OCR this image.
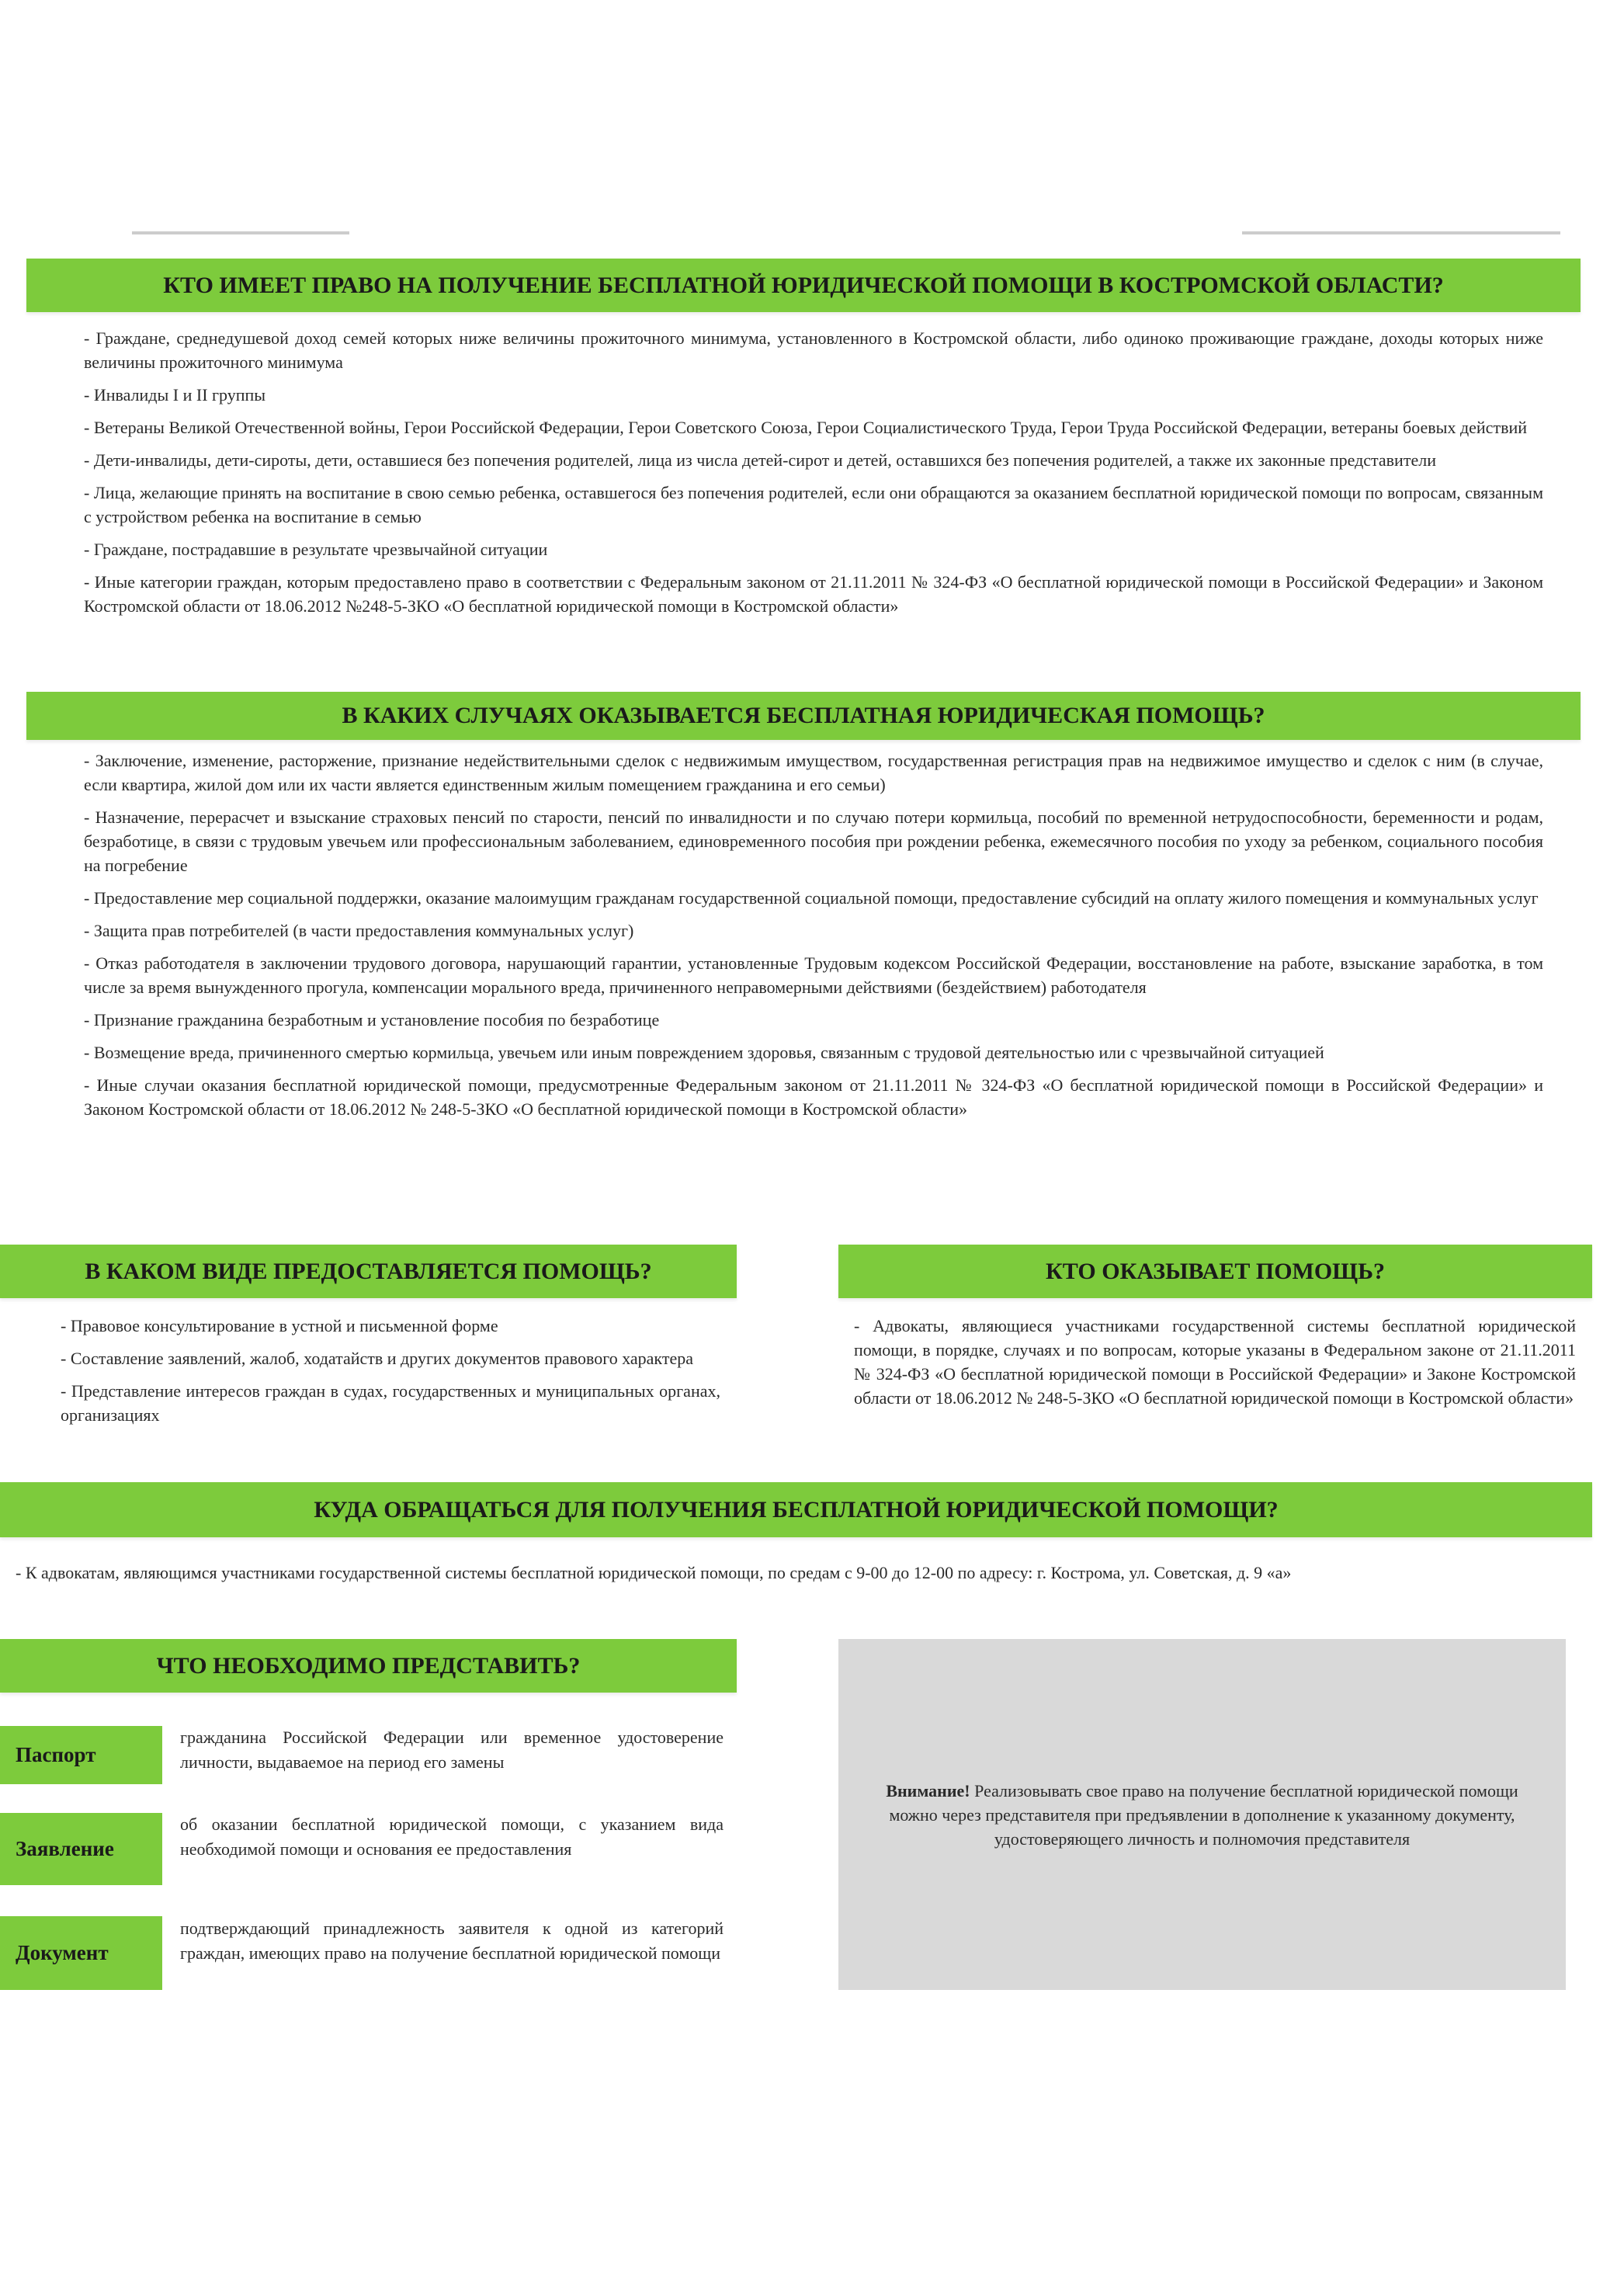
КТО ИМЕЕТ ПРАВО НА ПОЛУЧЕНИЕ БЕСПЛАТНОЙ ЮРИДИЧЕСКОЙ ПОМОЩИ В КОСТРОМСКОЙ ОБЛАСТИ?

- Граждане, среднедушевой доход семей которых ниже величины прожиточного минимума, установленного в Костромской области, либо одиноко проживающие граждане, доходы которых ниже величины прожиточного минимума

- Инвалиды I и II группы

- Ветераны Великой Отечественной войны, Герои Российской Федерации, Герои Советского Союза, Герои Социалистического Труда, Герои Труда Российской Федерации, ветераны боевых действий

- Дети-инвалиды, дети-сироты, дети, оставшиеся без попечения родителей, лица из числа детей-сирот и детей, оставшихся без попечения родителей, а также их законные представители

- Лица, желающие принять на воспитание в свою семью ребенка, оставшегося без попечения родителей, если они обращаются за оказанием бесплатной юридической помощи по вопросам, связанным с устройством ребенка на воспитание в семью

- Граждане, пострадавшие в результате чрезвычайной ситуации

- Иные категории граждан, которым предоставлено право в соответствии с Федеральным законом от 21.11.2011 № 324-ФЗ «О бесплатной юридической помощи в Российской Федерации» и Законом Костромской области от 18.06.2012 №248-5-ЗКО «О бесплатной юридической помощи в Костромской области»

В КАКИХ СЛУЧАЯХ ОКАЗЫВАЕТСЯ БЕСПЛАТНАЯ ЮРИДИЧЕСКАЯ ПОМОЩЬ?

- Заключение, изменение, расторжение, признание недействительными сделок с недвижимым имуществом, государственная регистрация прав на недвижимое имущество и сделок с ним (в случае, если квартира, жилой дом или их части является единственным жилым помещением гражданина и его семьи)

- Назначение, перерасчет и взыскание страховых пенсий по старости, пенсий по инвалидности и по случаю потери кормильца, пособий по временной нетрудоспособности, беременности и родам, безработице, в связи с трудовым увечьем или профессиональным заболеванием, единовременного пособия при рождении ребенка, ежемесячного пособия по уходу за ребенком, социального пособия на погребение

- Предоставление мер социальной поддержки, оказание малоимущим гражданам государственной социальной помощи, предоставление субсидий на оплату жилого помещения и коммунальных услуг

- Защита прав потребителей (в части предоставления коммунальных услуг)

- Отказ работодателя в заключении трудового договора, нарушающий гарантии, установленные Трудовым кодексом Российской Федерации, восстановление на работе, взыскание заработка, в том числе за время вынужденного прогула, компенсации морального вреда, причиненного неправомерными действиями (бездействием) работодателя

- Признание гражданина безработным и установление пособия по безработице

- Возмещение вреда, причиненного смертью кормильца, увечьем или иным повреждением здоровья, связанным с трудовой деятельностью или с чрезвычайной ситуацией

- Иные случаи оказания бесплатной юридической помощи, предусмотренные Федеральным законом от 21.11.2011 № 324-ФЗ «О бесплатной юридической помощи в Российской Федерации» и Законом Костромской области от 18.06.2012 № 248-5-ЗКО «О бесплатной юридической помощи в Костромской области»

В КАКОМ ВИДЕ ПРЕДОСТАВЛЯЕТСЯ ПОМОЩЬ?

- Правовое консультирование в устной и письменной форме

- Составление заявлений, жалоб, ходатайств и других документов правового характера

- Представление интересов граждан в судах, государственных и муниципальных органах, организациях

КТО ОКАЗЫВАЕТ ПОМОЩЬ?

- Адвокаты, являющиеся участниками государственной системы бесплатной юридической помощи, в порядке, случаях и по вопросам, которые указаны в Федеральном законе от 21.11.2011 № 324-ФЗ «О бесплатной юридической помощи в Российской Федерации» и Законе Костромской области от 18.06.2012 № 248-5-ЗКО «О бесплатной юридической помощи в Костромской области»

КУДА ОБРАЩАТЬСЯ ДЛЯ ПОЛУЧЕНИЯ БЕСПЛАТНОЙ ЮРИДИЧЕСКОЙ ПОМОЩИ?

- К адвокатам, являющимся участниками государственной системы бесплатной юридической помощи, по средам с 9-00 до 12-00 по адресу: г. Кострома, ул. Советская, д. 9 «а»

ЧТО НЕОБХОДИМО ПРЕДСТАВИТЬ?
Паспорт
гражданина Российской Федерации или временное удостоверение личности, выдаваемое на период его замены
Заявление
об оказании бесплатной юридической помощи, с указанием вида необходимой помощи и основания ее предоставления
Документ
подтверждающий принадлежность заявителя к одной из категорий граждан, имеющих право на получение бесплатной юридической помощи
Внимание! Реализовывать свое право на получение бесплатной юридической помощи можно через представителя при предъявлении в дополнение к указанному документу, удостоверяющего личность и полномочия представителя
